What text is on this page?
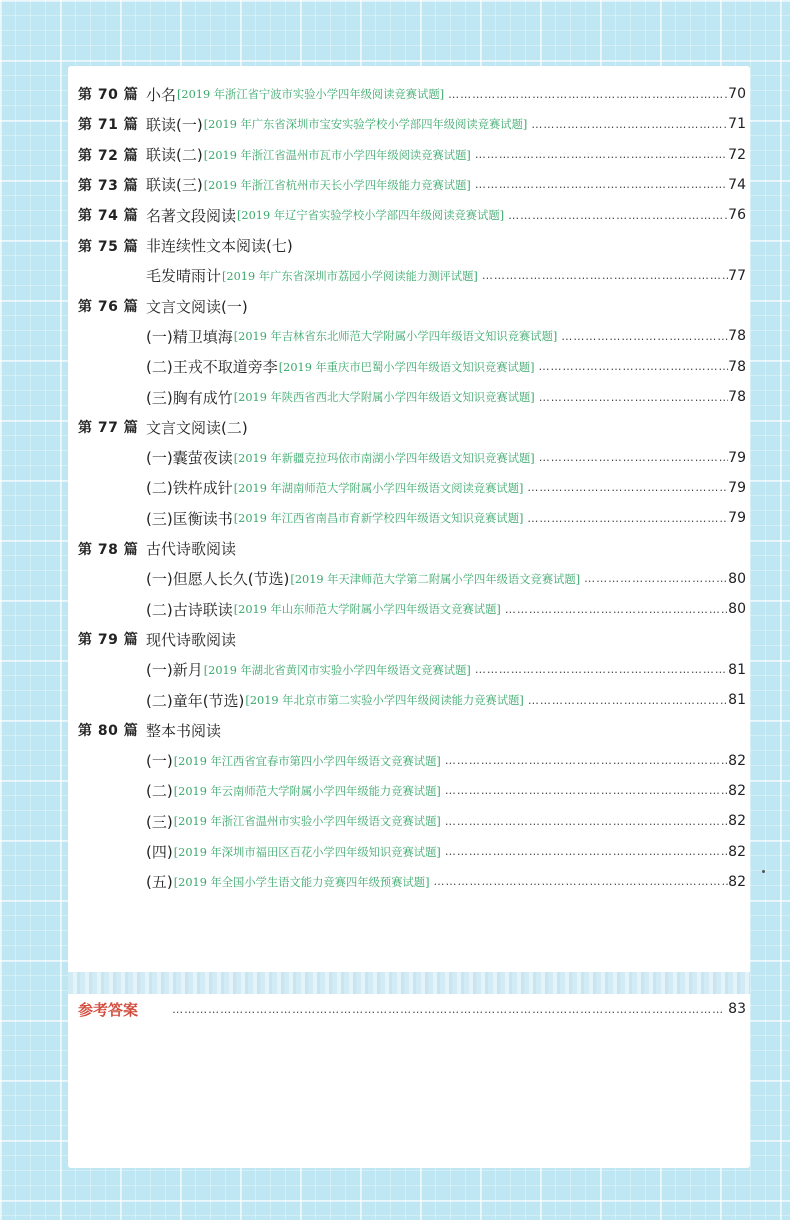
第 70 篇 小名 [2019 年浙江省宁波市实验小学四年级阅读竞赛试题] …………………………………………………………………………………………………………………………	70
第 71 篇 联读(一) [2019 年广东省深圳市宝安实验学校小学部四年级阅读竞赛试题] …………………………………………………………………………………………………………………………	71
第 72 篇 联读(二) [2019 年浙江省温州市瓦市小学四年级阅读竞赛试题] …………………………………………………………………………………………………………………………	72
第 73 篇 联读(三) [2019 年浙江省杭州市天长小学四年级能力竞赛试题] …………………………………………………………………………………………………………………………	74
第 74 篇 名著文段阅读 [2019 年辽宁省实验学校小学部四年级阅读竞赛试题] …………………………………………………………………………………………………………………………	76
第 75 篇 非连续性文本阅读(七)
毛发晴雨计 [2019 年广东省深圳市荔园小学阅读能力测评试题] …………………………………………………………………………………………………………………………	77
第 76 篇 文言文阅读(一)
(一)精卫填海 [2019 年吉林省东北师范大学附属小学四年级语文知识竞赛试题] …………………………………………………………………………………………………………………………	78
(二)王戎不取道旁李 [2019 年重庆市巴蜀小学四年级语文知识竞赛试题] …………………………………………………………………………………………………………………………	78
(三)胸有成竹 [2019 年陕西省西北大学附属小学四年级语文知识竞赛试题] …………………………………………………………………………………………………………………………	78
第 77 篇 文言文阅读(二)
(一)囊萤夜读 [2019 年新疆克拉玛依市南湖小学四年级语文知识竞赛试题] …………………………………………………………………………………………………………………………	79
(二)铁杵成针 [2019 年湖南师范大学附属小学四年级语文阅读竞赛试题] …………………………………………………………………………………………………………………………	79
(三)匡衡读书 [2019 年江西省南昌市育新学校四年级语文知识竞赛试题] …………………………………………………………………………………………………………………………	79
第 78 篇 古代诗歌阅读
(一)但愿人长久(节选) [2019 年天津师范大学第二附属小学四年级语文竞赛试题] …………………………………………………………………………………………………………………………	80
(二)古诗联读 [2019 年山东师范大学附属小学四年级语文竞赛试题] …………………………………………………………………………………………………………………………	80
第 79 篇 现代诗歌阅读
(一)新月 [2019 年湖北省黄冈市实验小学四年级语文竞赛试题] …………………………………………………………………………………………………………………………	81
(二)童年(节选) [2019 年北京市第二实验小学四年级阅读能力竞赛试题] …………………………………………………………………………………………………………………………	81
第 80 篇 整本书阅读
(一) [2019 年江西省宜春市第四小学四年级语文竞赛试题] …………………………………………………………………………………………………………………………	82
(二) [2019 年云南师范大学附属小学四年级能力竞赛试题] …………………………………………………………………………………………………………………………	82
(三) [2019 年浙江省温州市实验小学四年级语文竞赛试题] …………………………………………………………………………………………………………………………	82
(四) [2019 年深圳市福田区百花小学四年级知识竞赛试题] …………………………………………………………………………………………………………………………	82
(五) [2019 年全国小学生语文能力竞赛四年级预赛试题] …………………………………………………………………………………………………………………………	82
参考答案 …………………………………………………………………………………………………………………………	83
